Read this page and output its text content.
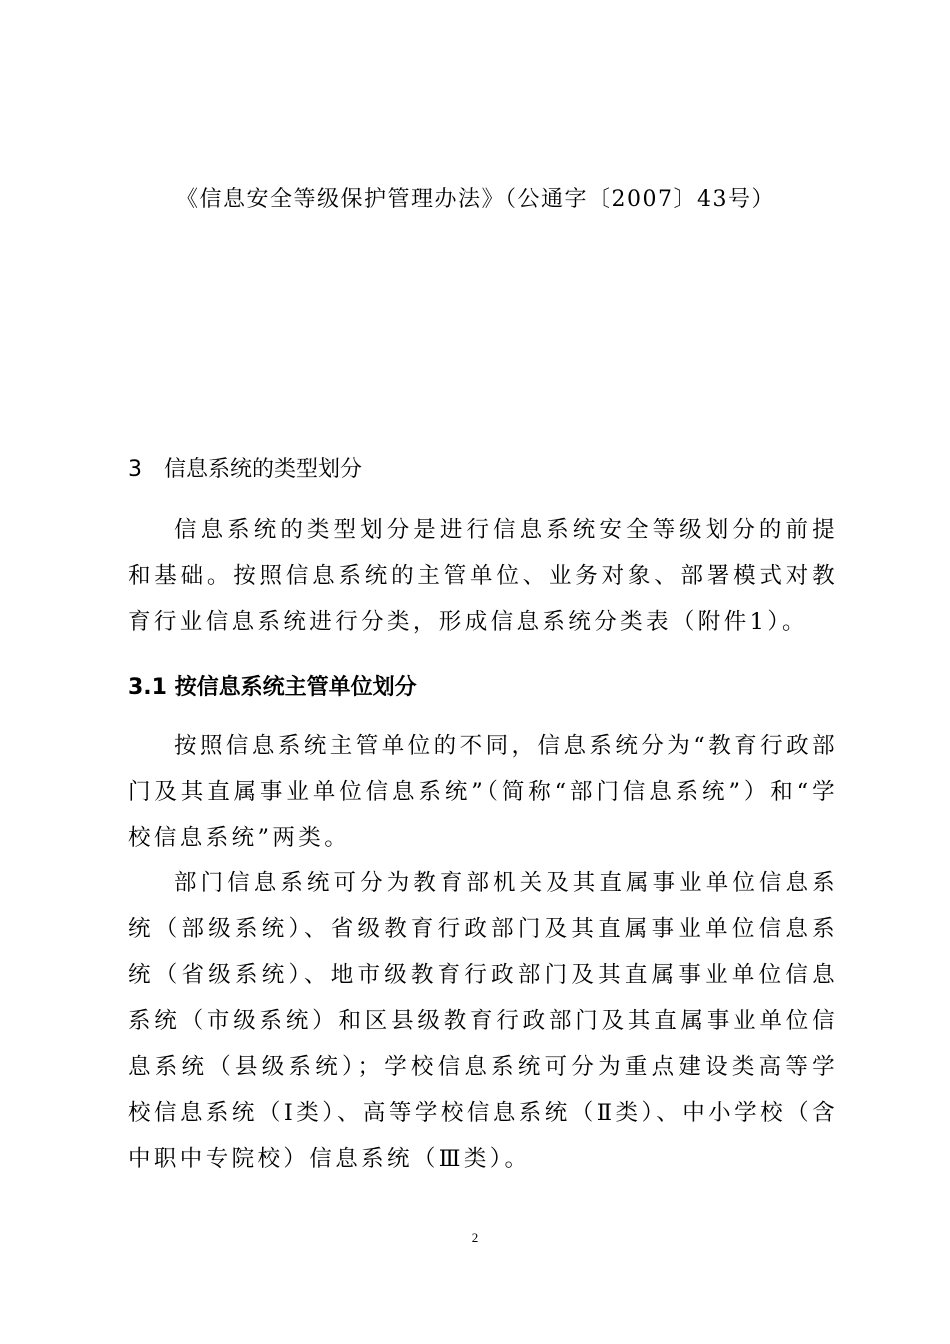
《信息安全等级保护管理办法》（公通字〔2007〕43号）
3 信息系统的类型划分

信息系统的类型划分是进行信息系统安全等级划分的前提和基础。按照信息系统的主管单位、业务对象、部署模式对教育行业信息系统进行分类，形成信息系统分类表（附件1）。

3.1 按信息系统主管单位划分

按照信息系统主管单位的不同，信息系统分为“教育行政部门及其直属事业单位信息系统”（简称“部门信息系统”）和“学校信息系统”两类。

部门信息系统可分为教育部机关及其直属事业单位信息系统（部级系统）、省级教育行政部门及其直属事业单位信息系统（省级系统）、地市级教育行政部门及其直属事业单位信息系统（市级系统）和区县级教育行政部门及其直属事业单位信息系统（县级系统）；学校信息系统可分为重点建设类高等学校信息系统（Ⅰ类）、高等学校信息系统（Ⅱ类）、中小学校（含中职中专院校）信息系统（Ⅲ类）。

2
